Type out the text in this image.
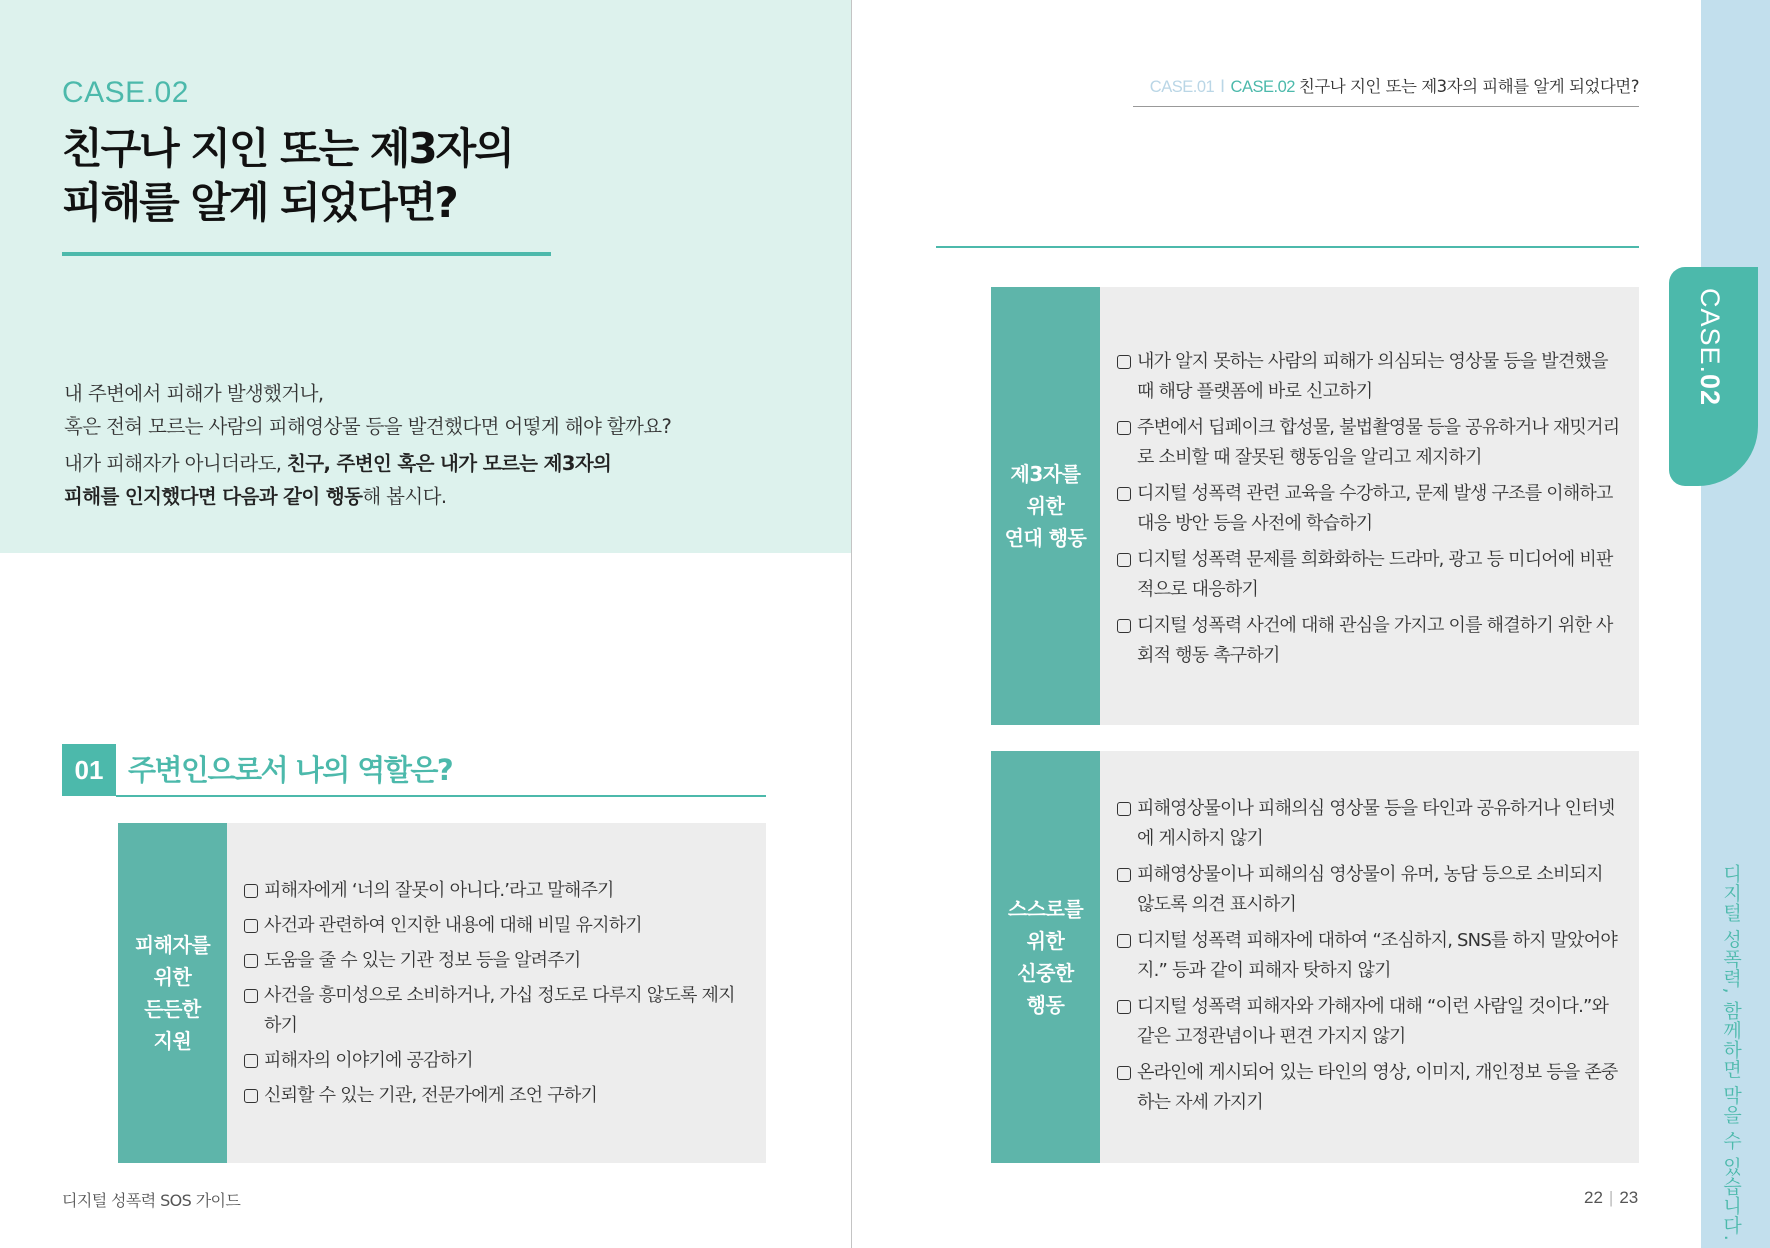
CASE.02
친구나 지인 또는 제3자의
피해를 알게 되었다면?

내 주변에서 피해가 발생했거나,

혹은 전혀 모르는 사람의 피해영상물 등을 발견했다면 어떻게 해야 할까요?

내가 피해자가 아니더라도, 친구, 주변인 혹은 내가 모르는 제3자의

피해를 인지했다면 다음과 같이 행동해 봅시다.

01 주변인으로서 나의 역할은?
피해자를
위한
든든한
지원
피해자에게 ‘너의 잘못이 아니다.’라고 말해주기
사건과 관련하여 인지한 내용에 대해 비밀 유지하기
도움을 줄 수 있는 기관 정보 등을 알려주기
사건을 흥미성으로 소비하거나, 가십 정도로 다루지 않도록 제지하기
피해자의 이야기에 공감하기
신뢰할 수 있는 기관, 전문가에게 조언 구하기
디지털 성폭력 SOS 가이드
CASE.01 I CASE.02 친구나 지인 또는 제3자의 피해를 알게 되었다면?
제3자를
위한
연대 행동
내가 알지 못하는 사람의 피해가 의심되는 영상물 등을 발견했을 때 해당 플랫폼에 바로 신고하기
주변에서 딥페이크 합성물, 불법촬영물 등을 공유하거나 재밋거리로 소비할 때 잘못된 행동임을 알리고 제지하기
디지털 성폭력 관련 교육을 수강하고, 문제 발생 구조를 이해하고 대응 방안 등을 사전에 학습하기
디지털 성폭력 문제를 희화화하는 드라마, 광고 등 미디어에 비판적으로 대응하기
디지털 성폭력 사건에 대해 관심을 가지고 이를 해결하기 위한 사회적 행동 촉구하기
스스로를
위한
신중한
행동
피해영상물이나 피해의심 영상물 등을 타인과 공유하거나 인터넷에 게시하지 않기
피해영상물이나 피해의심 영상물이 유머, 농담 등으로 소비되지 않도록 의견 표시하기
디지털 성폭력 피해자에 대하여 “조심하지, SNS를 하지 말았어야지.” 등과 같이 피해자 탓하지 않기
디지털 성폭력 피해자와 가해자에 대해 “이런 사람일 것이다.”와 같은 고정관념이나 편견 가지지 않기
온라인에 게시되어 있는 타인의 영상, 이미지, 개인정보 등을 존중하는 자세 가지기
CASE.02
디지털 성폭력, 함께하면 막을 수 있습니다.
22 | 23
